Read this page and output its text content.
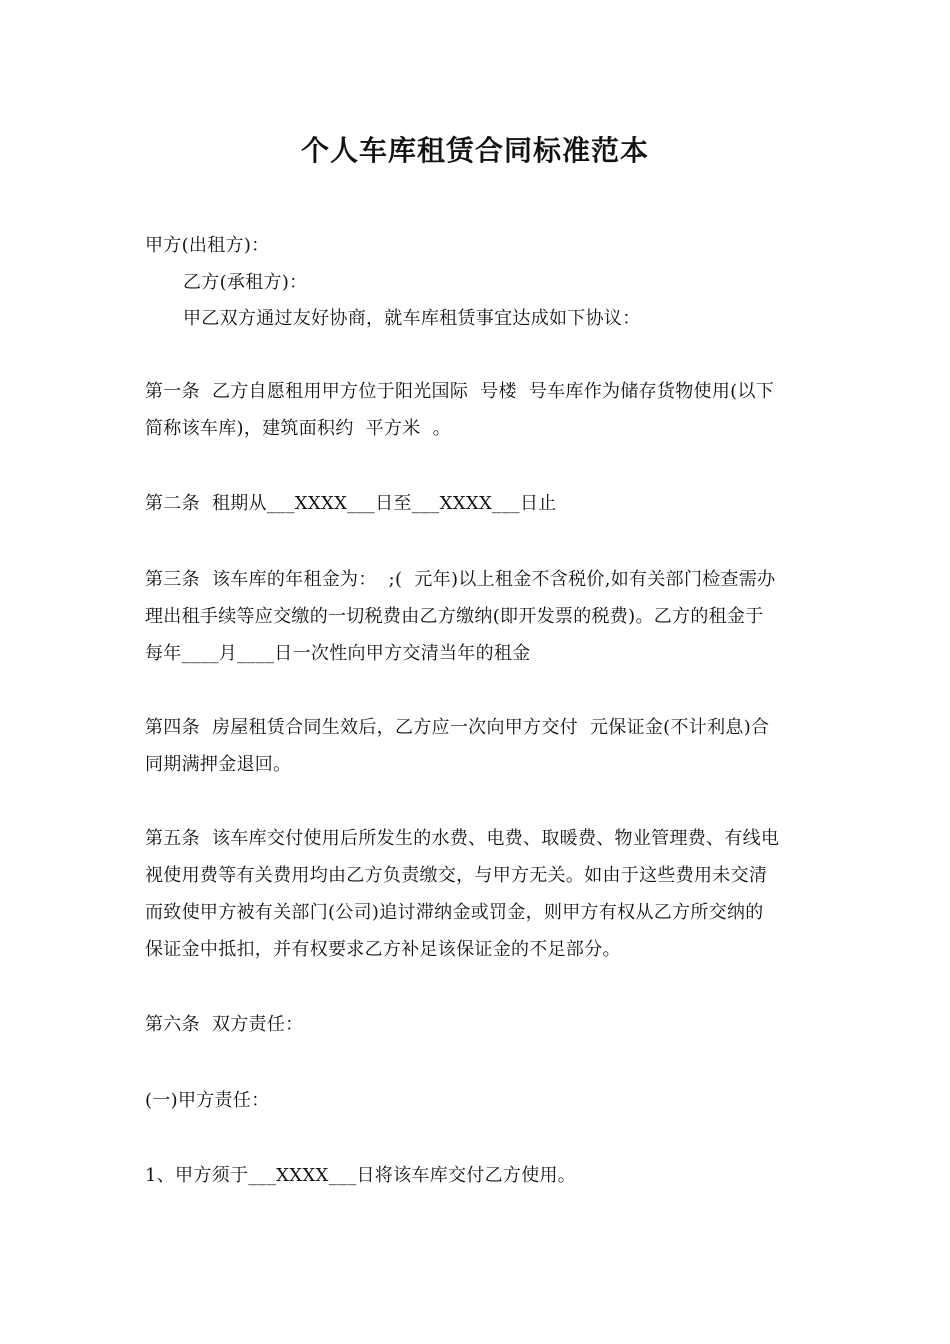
个人车库租赁合同标准范本

甲方(出租方)：

乙方(承租方)：

甲乙双方通过友好协商，就车库租赁事宜达成如下协议：

第一条  乙方自愿租用甲方位于阳光国际  号楼  号车库作为储存货物使用(以下

简称该车库)，建筑面积约  平方米  。

第二条  租期从___XXXX___日至___XXXX___日止

第三条  该车库的年租金为：  ;(  元年)以上租金不含税价,如有关部门检查需办

理出租手续等应交缴的一切税费由乙方缴纳(即开发票的税费)。乙方的租金于

每年____月____日一次性向甲方交清当年的租金

第四条  房屋租赁合同生效后，乙方应一次向甲方交付  元保证金(不计利息)合

同期满押金退回。

第五条  该车库交付使用后所发生的水费、电费、取暖费、物业管理费、有线电

视使用费等有关费用均由乙方负责缴交，与甲方无关。如由于这些费用未交清

而致使甲方被有关部门(公司)追讨滞纳金或罚金，则甲方有权从乙方所交纳的

保证金中抵扣，并有权要求乙方补足该保证金的不足部分。

第六条  双方责任：

(一)甲方责任：

1、甲方须于___XXXX___日将该车库交付乙方使用。
